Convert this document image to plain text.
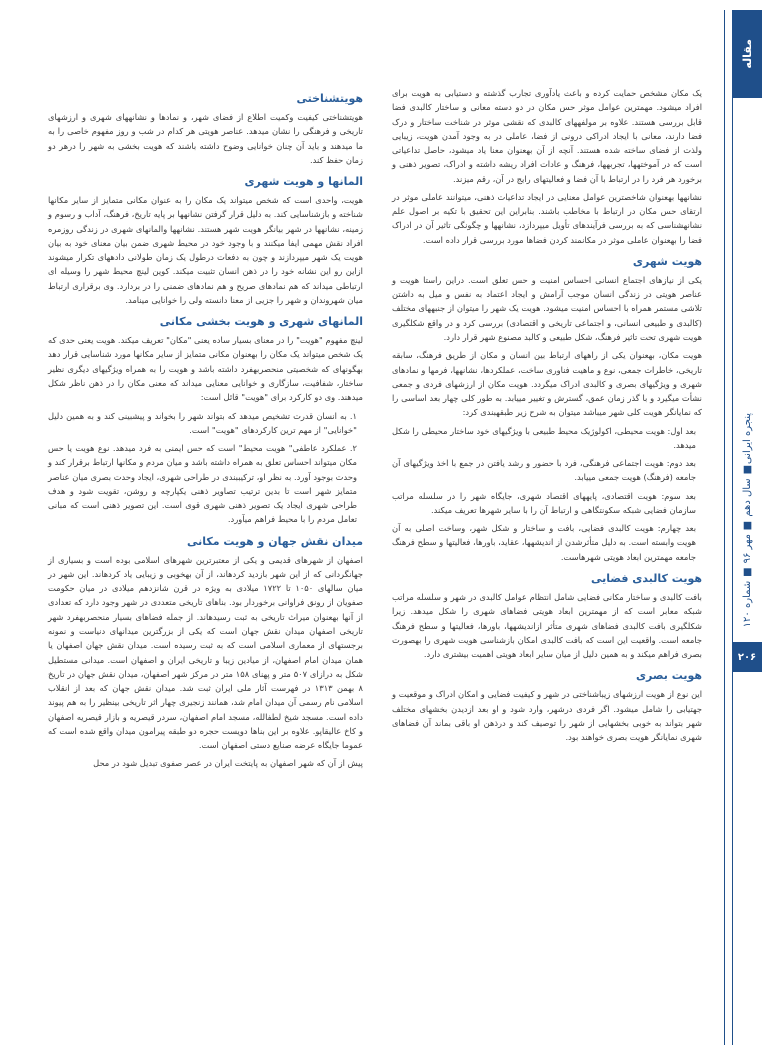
مقاله
پنجره ایرانی■ سال دهم ■ مهر ۹۶ ■ شماره ۱۲۰
۲۰۶

یک مکان مشخص حمایت کرده و باعث یادآوری تجارب گذشته و دستیابی به هویت برای افراد میشود. مهمترین عوامل موثر حس مکان در دو دسته معانی و ساختار کالبدی فضا قابل بررسی هستند. علاوه بر مولفههای کالبدی که نقشی موثر در شناخت ساختار و درک فضا دارند، معانی با ایجاد ادراکی درونی از فضا، عاملی در به وجود آمدن هویت، زیبایی ولذت از فضای ساخته شده هستند. آنچه از آن بهعنوان معنا یاد میشود، حاصل تداعیاتی است که در آموختهها، تجربهها، فرهنگ و عادات افراد ریشه داشته و ادراک، تصویر ذهنی و برخورد هر فرد را در ارتباط با آن فضا و فعالیتهای رایج در آن، رقم میزند.

نشانهها بهعنوان شاخصترین عوامل معنایی در ایجاد تداعیات ذهنی، میتوانند عاملی موثر در ارتقای حس مکان در ارتباط با مخاطب باشند. بنابراین این تحقیق با تکیه بر اصول علم نشانهشناسی که به بررسی فرآیندهای تأویل میپردازد، نشانهها و چگونگی تاثیر آن در ادراک فضا را بهعنوان عاملی موثر در مکانمند کردن فضاها مورد بررسی قرار داده است.

هویت شهری

یکی از نیازهای اجتماع انسانی احساس امنیت و حس تعلق است. دراین راستا هویت و عناصر هویتی در زندگی انسان موجب آرامش و ایجاد اعتماد به نفس و میل به داشتن تلاشی مستمر همراه با احساس امنیت میشود. هویت یک شهر را میتوان از جنبههای مختلف (کالبدی و طبیعی انسانی، و اجتماعی تاریخی و اقتصادی) بررسی کرد و در واقع شکلگیری هویت شهری تحت تاثیر فرهنگ، شکل طبیعی و کالبد مصنوع شهر قرار دارد.

هویت مکان، بهعنوان یکی از راههای ارتباط بین انسان و مکان از طریق فرهنگ، سابقه تاریخی، خاطرات جمعی، نوع و ماهیت فناوری ساخت، عملکردها، نشانهها، فرمها و نمادهای شهری و ویژگیهای بصری و کالبدی ادراک میگردد. هویت مکان از ارزشهای فردی و جمعی نشأت میگیرد و با گذر زمان عمق، گسترش و تغییر مییابد. به طور کلی چهار بعد اساسی را که نمایانگر هویت کلی شهر میباشد میتوان به شرح زیر طبقهبندی کرد:

بعد اول: هویت محیطی، اکولوژیک محیط طبیعی با ویژگیهای خود ساختار محیطی را شکل میدهد.

بعد دوم: هویت اجتماعی فرهنگی، فرد با حضور و رشد یافتن در جمع با اخذ ویژگیهای آن جامعه (فرهنگ) هویت جمعی مییابد.

بعد سوم: هویت اقتصادی، پایههای اقتصاد شهری، جایگاه شهر را در سلسله مراتب سازمان فضایی شبکه سکونتگاهی و ارتباط آن را با سایر شهرها تعریف میکند.

بعد چهارم: هویت کالبدی فضایی، بافت و ساختار و شکل شهر، وساخت اصلی به آن هویت وابسته است. به دلیل متأثرشدن از اندیشهها، عقاید، باورها، فعالیتها و سطح فرهنگ جامعه مهمترین ابعاد هویتی شهرهاست.

هویت کالبدی فضایی

بافت کالبدی و ساختار مکانی فضایی شامل انتظام عوامل کالبدی در شهر و سلسله مراتب شبکه معابر است که از مهمترین ابعاد هویتی فضاهای شهری را شکل میدهد. زیرا شکلگیری بافت کالبدی فضاهای شهری متأثر ازاندیشهها، باورها، فعالیتها و سطح فرهنگ جامعه است. واقعیت این است که بافت کالبدی امکان بازشناسی هویت شهری را بهصورت بصری فراهم میکند و به همین دلیل از میان سایر ابعاد هویتی اهمیت بیشتری دارد.

هویت بصری

این نوع از هویت ارزشهای زیباشناختی در شهر و کیفیت فضایی و امکان ادراک و موقعیت و جهتیابی را شامل میشود. اگر فردی درشهر، وارد شود و او بعد ازدیدن بخشهای مختلف شهر بتواند به خوبی بخشهایی از شهر را توصیف کند و درذهن او باقی بماند آن فضاهای شهری نمایانگر هویت بصری خواهند بود.

هویتشناختی

هویتشناختی کیفیت وکمیت اطلاع از فضای شهر، و نمادها و نشانههای شهری و ارزشهای تاریخی و فرهنگی را نشان میدهد. عناصر هویتی هر کدام در شب و روز مفهوم خاصی را به ما میدهند و باید آن چنان خوانایی وضوح داشته باشند که هویت بخشی به شهر را درهر دو زمان حفظ کند.

المانها و هویت شهری

هویت، واحدی است که شخص میتواند یک مکان را به عنوان مکانی متمایز از سایر مکانها شناخته و بازشناسایی کند. به دلیل قرار گرفتن نشانهها بر پایه تاریخ، فرهنگ، آداب و رسوم و زمینه، نشانهها در شهر بیانگر هویت شهر هستند. نشانهها والمانهای شهری در زندگی روزمره افراد نقش مهمی ایفا میکنند و با وجود خود در محیط شهری ضمن بیان معنای خود به بیان هویت یک شهر میپردازند و چون به دفعات درطول یک زمان طولانی دادههای تکرار میشوند ازاین رو این نشانه خود را در ذهن انسان تثبیت میکند. کوین لینچ محیط شهر را وسیله ای ارتباطی میداند که هم نمادهای صریح و هم نمادهای ضمنی را در بردارد. وی برقراری ارتباط میان شهروندان و شهر را جزیی از معنا دانسته ولی را خوانایی مینامد.

المانهای شهری و هویت بخشی مکانی

لینچ مفهوم "هویت" را در معنای بسیار ساده یعنی "مکان" تعریف میکند. هویت یعنی حدی که یک شخص میتواند یک مکان را بهعنوان مکانی متمایز از سایر مکانها مورد شناسایی قرار دهد بهگونهای که شخصیتی منحصربهفرد داشته باشد و هویت را به همراه ویژگیهای دیگری نظیر ساختار، شفافیت، سازگاری و خوانایی معنایی میداند که معنی مکان را در ذهن ناظر شکل میدهند. وی دو کارکرد برای "هویت" قائل است:

۱. به انسان قدرت تشخیص میدهد که بتواند شهر را بخواند و پیشبینی کند و به همین دلیل "خوانایی" از مهم ترین کارکردهای "هویت" است.

۲. عملکرد عاطفی" هویت محیط" است که حس ایمنی به فرد میدهد. نوع هویت یا حس مکان میتواند احساس تعلق به همراه داشته باشد و میان مردم و مکانها ارتباط برقرار کند و وحدت بوجود آورد. به نظر او، ترکیببندی در طراحی شهری، ایجاد وحدت بصری میان عناصر متمایز شهر است تا بدین ترتیب تصاویر ذهنی یکپارچه و روشن، تقویت شود و هدف طراحی شهری ایجاد یک تصویر ذهنی شهری قوی است. این تصویر ذهنی است که مبانی تعامل مردم را با محیط فراهم میآورد.

میدان نقش جهان و هویت مکانی

اصفهان از شهرهای قدیمی و یکی از معتبرترین شهرهای اسلامی بوده است و بسیاری از جهانگردانی که از این شهر بازدید کردهاند، از آن بهخوبی و زیبایی یاد کردهاند. این شهر در میان سالهای ۱۰۵۰ تا ۱۷۲۲ میلادی به ویژه در قرن شانزدهم میلادی در میان حکومت صفویان از رونق فراوانی برخوردار بود. بناهای تاریخی متعددی در شهر وجود دارد که تعدادی از آنها بهعنوان میراث تاریخی به ثبت رسیدهاند. از جمله فضاهای بسیار منحصربهفرد شهر تاریخی اصفهان میدان نقش جهان است که یکی از بزرگترین میدانهای دنیاست و نمونه برجستهای از معماری اسلامی است که به ثبت رسیده است. میدان نقش جهان اصفهان یا همان میدان امام اصفهان، از میادین زیبا و تاریخی ایران و اصفهان است. میدانی مستطیل شکل به درازای ۵۰۷ متر و پهنای ۱۵۸ متر در مرکز شهر اصفهان، میدان نقش جهان در تاریخ ۸ بهمن ۱۳۱۳ در فهرست آثار ملی ایران ثبت شد. میدان نقش جهان که بعد از انقلاب اسلامی نام رسمی آن میدان امام شد، همانند زنجیری چهار اثر تاریخی بینظیر را به هم پیوند داده است. مسجد شیخ لطفالله، مسجد امام اصفهان، سردر قیصریه و بازار قیصریه اصفهان و کاخ عالیقاپو. علاوه بر این بناها دویست حجره دو طبقه پیرامون میدان واقع شده است که عموما جایگاه عرضه صنایع دستی اصفهان است.

پیش از آن که شهر اصفهان به پایتخت ایران در عصر صفوی تبدیل شود در محل
